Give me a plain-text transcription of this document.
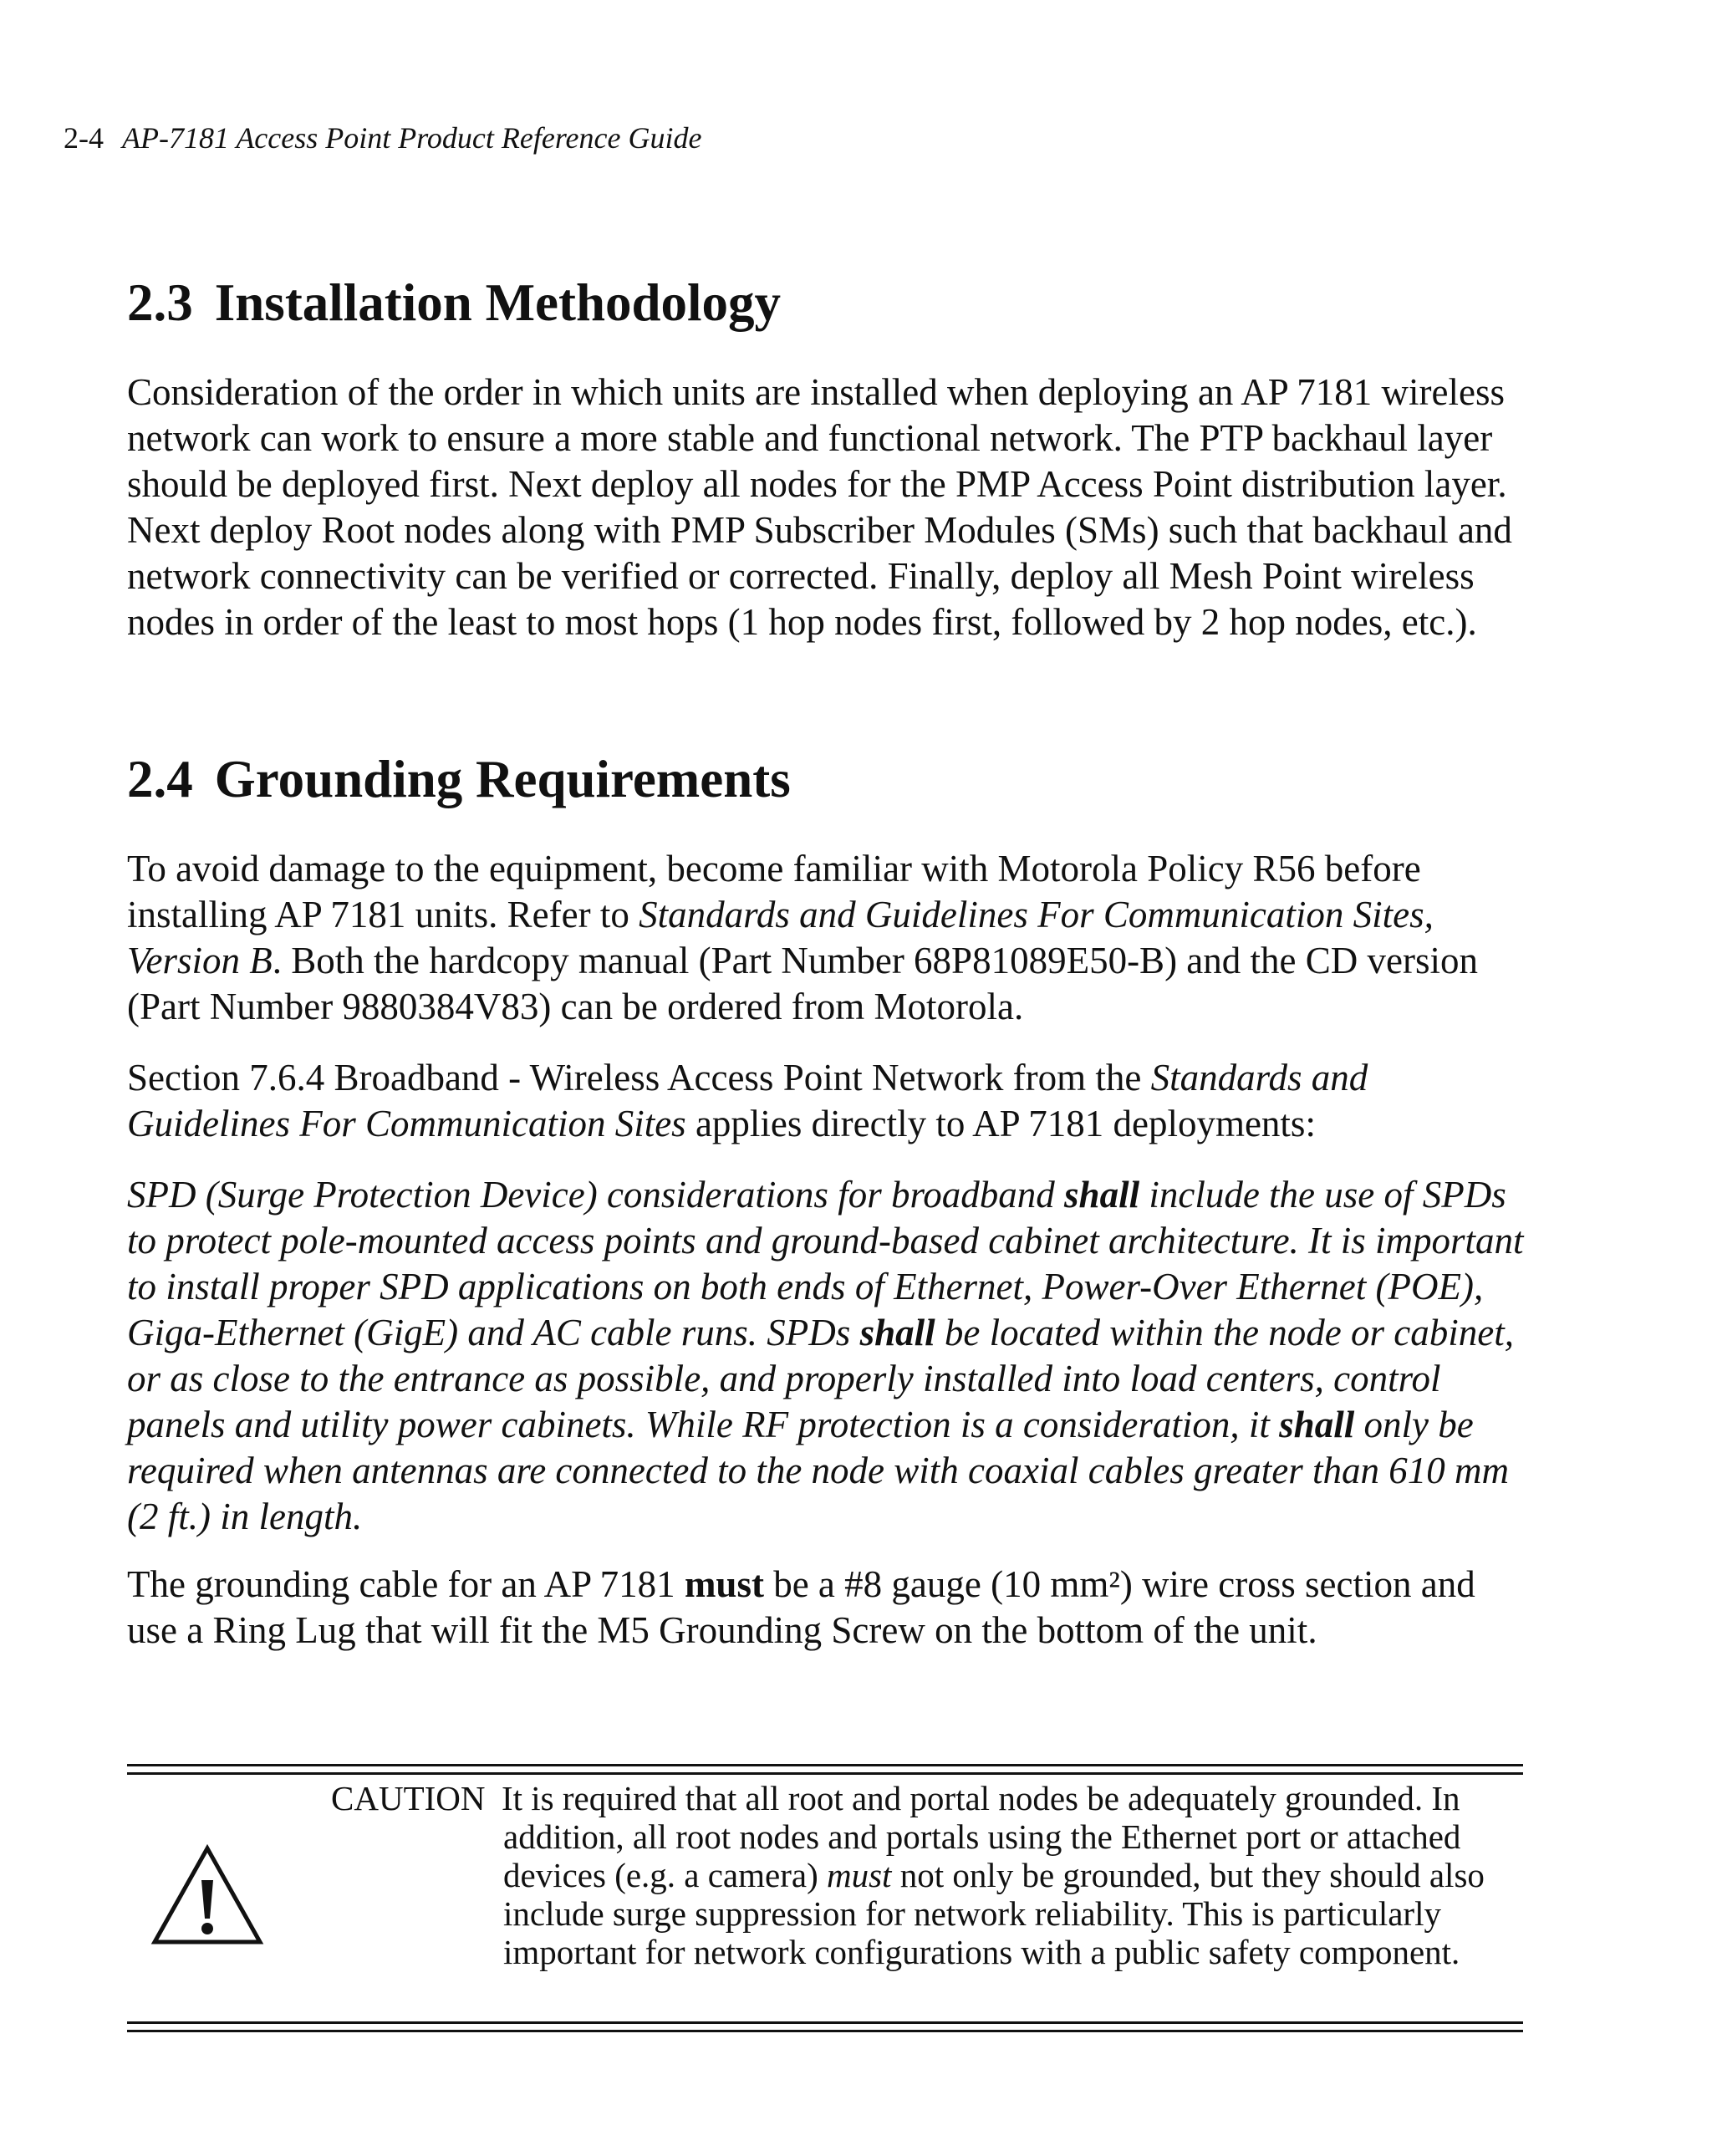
2-4 AP-7181 Access Point Product Reference Guide
2.3 Installation Methodology

Consideration of the order in which units are installed when deploying an AP 7181 wireless network can work to ensure a more stable and functional network. The PTP backhaul layer should be deployed first. Next deploy all nodes for the PMP Access Point distribution layer. Next deploy Root nodes along with PMP Subscriber Modules (SMs) such that backhaul and network connectivity can be verified or corrected. Finally, deploy all Mesh Point wireless nodes in order of the least to most hops (1 hop nodes first, followed by 2 hop nodes, etc.).

2.4 Grounding Requirements

To avoid damage to the equipment, become familiar with Motorola Policy R56 before installing AP 7181 units. Refer to Standards and Guidelines For Communication Sites, Version B. Both the hardcopy manual (Part Number 68P81089E50-B) and the CD version (Part Number 9880384V83) can be ordered from Motorola.

Section 7.6.4 Broadband - Wireless Access Point Network from the Standards and Guidelines For Communication Sites applies directly to AP 7181 deployments:

SPD (Surge Protection Device) considerations for broadband shall include the use of SPDs to protect pole-mounted access points and ground-based cabinet architecture. It is important to install proper SPD applications on both ends of Ethernet, Power-Over Ethernet (POE), Giga-Ethernet (GigE) and AC cable runs. SPDs shall be located within the node or cabinet, or as close to the entrance as possible, and properly installed into load centers, control panels and utility power cabinets. While RF protection is a consideration, it shall only be required when antennas are connected to the node with coaxial cables greater than 610 mm (2 ft.) in length.

The grounding cable for an AP 7181 must be a #8 gauge (10 mm²) wire cross section and use a Ring Lug that will fit the M5 Grounding Screw on the bottom of the unit.

CAUTION It is required that all root and portal nodes be adequately grounded. In addition, all root nodes and portals using the Ethernet port or attached devices (e.g. a camera) must not only be grounded, but they should also include surge suppression for network reliability. This is particularly important for network configurations with a public safety component.
